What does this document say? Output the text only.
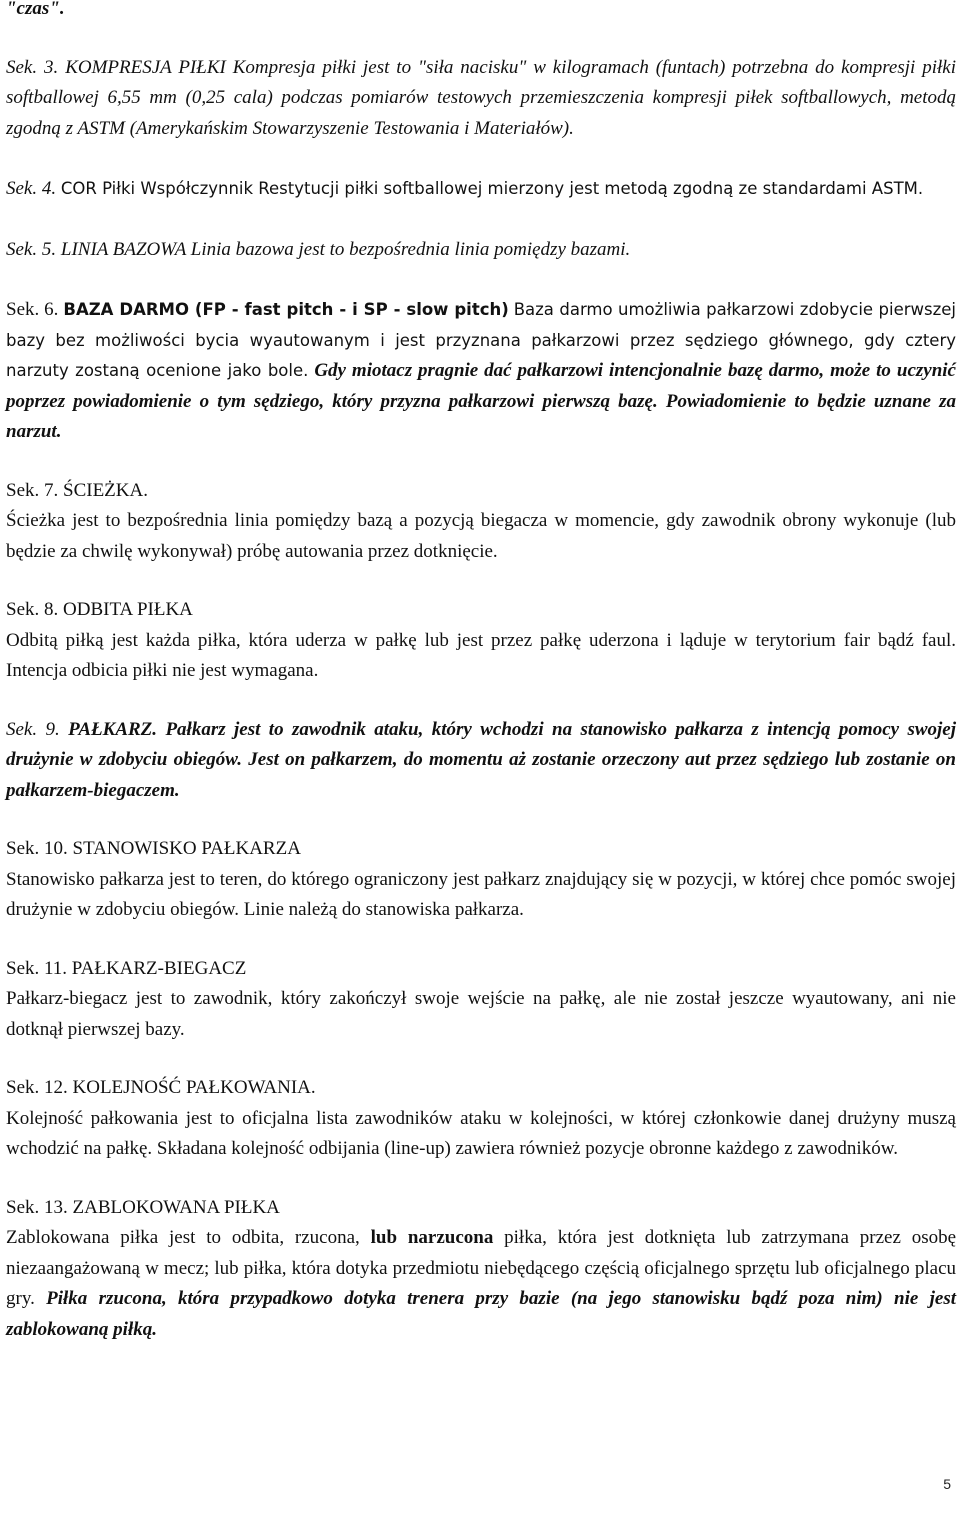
"czas".

Sek. 3. KOMPRESJA PIŁKI Kompresja piłki jest to "siła nacisku" w kilogramach (funtach) potrzebna do kompresji piłki softballowej 6,55 mm (0,25 cala) podczas pomiarów testowych przemieszczenia kompresji piłek softballowych, metodą zgodną z ASTM (Amerykańskim Stowarzyszenie Testowania i Materiałów).

Sek. 4. COR Piłki Współczynnik Restytucji piłki softballowej mierzony jest metodą zgodną ze standardami ASTM.

Sek. 5. LINIA BAZOWA Linia bazowa jest to bezpośrednia linia pomiędzy bazami.

Sek. 6. BAZA DARMO (FP - fast pitch - i SP - slow pitch) Baza darmo umożliwia pałkarzowi zdobycie pierwszej bazy bez możliwości bycia wyautowanym i jest przyznana pałkarzowi przez sędziego głównego, gdy cztery narzuty zostaną ocenione jako bole. Gdy miotacz pragnie dać pałkarzowi intencjonalnie bazę darmo, może to uczynić poprzez powiadomienie o tym sędziego, który przyzna pałkarzowi pierwszą bazę. Powiadomienie to będzie uznane za narzut.

Sek. 7. ŚCIEŻKA.

Ścieżka jest to bezpośrednia linia pomiędzy bazą a pozycją biegacza w momencie, gdy zawodnik obrony wykonuje (lub będzie za chwilę wykonywał) próbę autowania przez dotknięcie.

Sek. 8. ODBITA PIŁKA

Odbitą piłką jest każda piłka, która uderza w pałkę lub jest przez pałkę uderzona i ląduje w terytorium fair bądź faul. Intencja odbicia piłki nie jest wymagana.

Sek. 9. PAŁKARZ. Pałkarz jest to zawodnik ataku, który wchodzi na stanowisko pałkarza z intencją pomocy swojej drużynie w zdobyciu obiegów. Jest on pałkarzem, do momentu aż zostanie orzeczony aut przez sędziego lub zostanie on pałkarzem-biegaczem.

Sek. 10. STANOWISKO PAŁKARZA

Stanowisko pałkarza jest to teren, do którego ograniczony jest pałkarz znajdujący się w pozycji, w której chce pomóc swojej drużynie w zdobyciu obiegów. Linie należą do stanowiska pałkarza.

Sek. 11. PAŁKARZ-BIEGACZ

Pałkarz-biegacz jest to zawodnik, który zakończył swoje wejście na pałkę, ale nie został jeszcze wyautowany, ani nie dotknął pierwszej bazy.

Sek. 12. KOLEJNOŚĆ PAŁKOWANIA.

Kolejność pałkowania jest to oficjalna lista zawodników ataku w kolejności, w której członkowie danej drużyny muszą wchodzić na pałkę. Składana kolejność odbijania (line-up) zawiera również pozycje obronne każdego z zawodników.

Sek. 13. ZABLOKOWANA PIŁKA

Zablokowana piłka jest to odbita, rzucona, lub narzucona piłka, która jest dotknięta lub zatrzymana przez osobę niezaangażowaną w mecz; lub piłka, która dotyka przedmiotu niebędącego częścią oficjalnego sprzętu lub oficjalnego placu gry. Piłka rzucona, która przypadkowo dotyka trenera przy bazie (na jego stanowisku bądź poza nim) nie jest zablokowaną piłką.

5
